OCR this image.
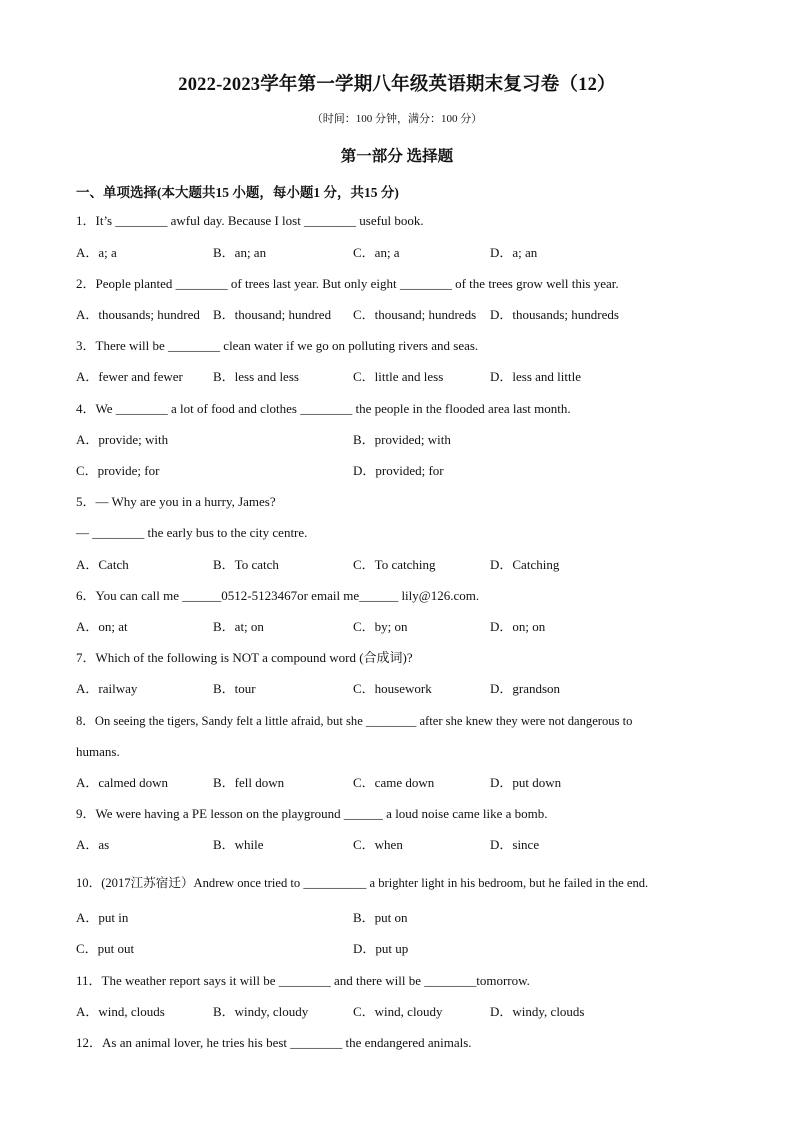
2022-2023学年第一学期八年级英语期末复习卷（12）
（时间：100 分钟，满分：100 分）
第一部分 选择题
一、单项选择(本大题共15 小题，每小题1 分，共15 分)
1．It’s ________ awful day. Because I lost ________ useful book.
A．a; a	B．an; an	C．an; a	D．a; an
2．People planted ________ of trees last year. But only eight ________ of the trees grow well this year.
A．thousands; hundred B．thousand; hundred C．thousand; hundreds D．thousands; hundreds
3．There will be ________ clean water if we go on polluting rivers and seas.
A．fewer and fewer B．less and less	C．little and less	D．less and little
4．We ________ a lot of food and clothes ________ the people in the flooded area last month.
A．provide; with	B．provided; with
C．provide; for	D．provided; for
5．— Why are you in a hurry, James?
— ________ the early bus to the city centre.
A．Catch	B．To catch	C．To catching	D．Catching
6．You can call me ______0512-5123467or email me______ lily@126.com.
A．on; at	B．at; on	C．by; on	D．on; on
7．Which of the following is NOT a compound word (合成词)?
A．railway	B．tour	C．housework	D．grandson
8．On seeing the tigers, Sandy felt a little afraid, but she ________ after she knew they were not dangerous to
humans.
A．calmed down	B．fell down	C．came down	D．put down
9．We were having a PE lesson on the playground ______ a loud noise came like a bomb.
A．as	B．while	C．when	D．since
10．(2017江苏宿迁）Andrew once tried to __________ a brighter light in his bedroom, but he failed in the end.
A．put in	B．put on
C．put out	D．put up
11．The weather report says it will be ________ and there will be ________tomorrow.
A．wind, clouds	B．windy, cloudy	C．wind, cloudy	D．windy, clouds
12．As an animal lover, he tries his best ________ the endangered animals.
